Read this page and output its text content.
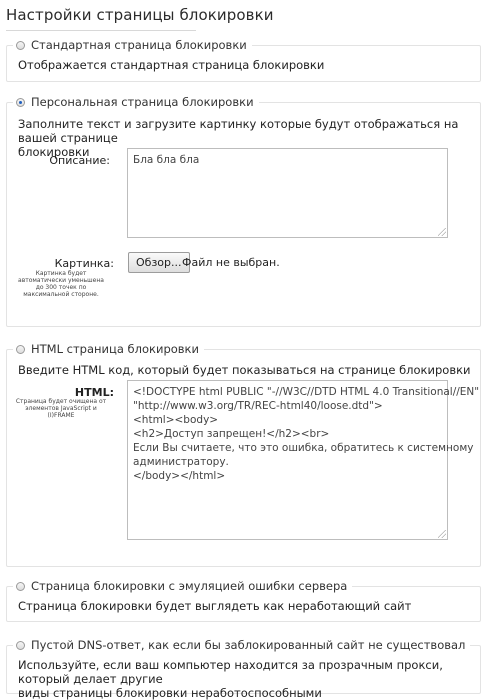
Настройки страницы блокировки
Стандартная страница блокировки
Отображается стандартная страница блокировки
Персональная страница блокировки
Заполните текст и загрузите картинку которые будут отображаться на вашей странице
блокировки
Описание:	Бла бла бла
Картинка:
Картинка будет
автоматически уменьшена
до 300 точек по
максимальной стороне.
Обзор... Файл не выбран.
HTML страница блокировки
Введите HTML код, который будет показываться на странице блокировки
HTML:
Страница будет очищена от
элементов JavaScript и
(I)FRAME
<!DOCTYPE html PUBLIC "-//W3C//DTD HTML 4.0 Transitional//EN"
"http://www.w3.org/TR/REC-html40/loose.dtd">
<html><body>
<h2>Доступ запрещен!</h2><br>
Если Вы считаете, что это ошибка, обратитесь к системному
администратору.
</body></html>
Страница блокировки с эмуляцией ошибки сервера
Страница блокировки будет выглядеть как неработающий сайт
Пустой DNS-ответ, как если бы заблокированный сайт не существовал
Используйте, если ваш компьютер находится за прозрачным прокси, который делает другие
виды страницы блокировки неработоспособными
